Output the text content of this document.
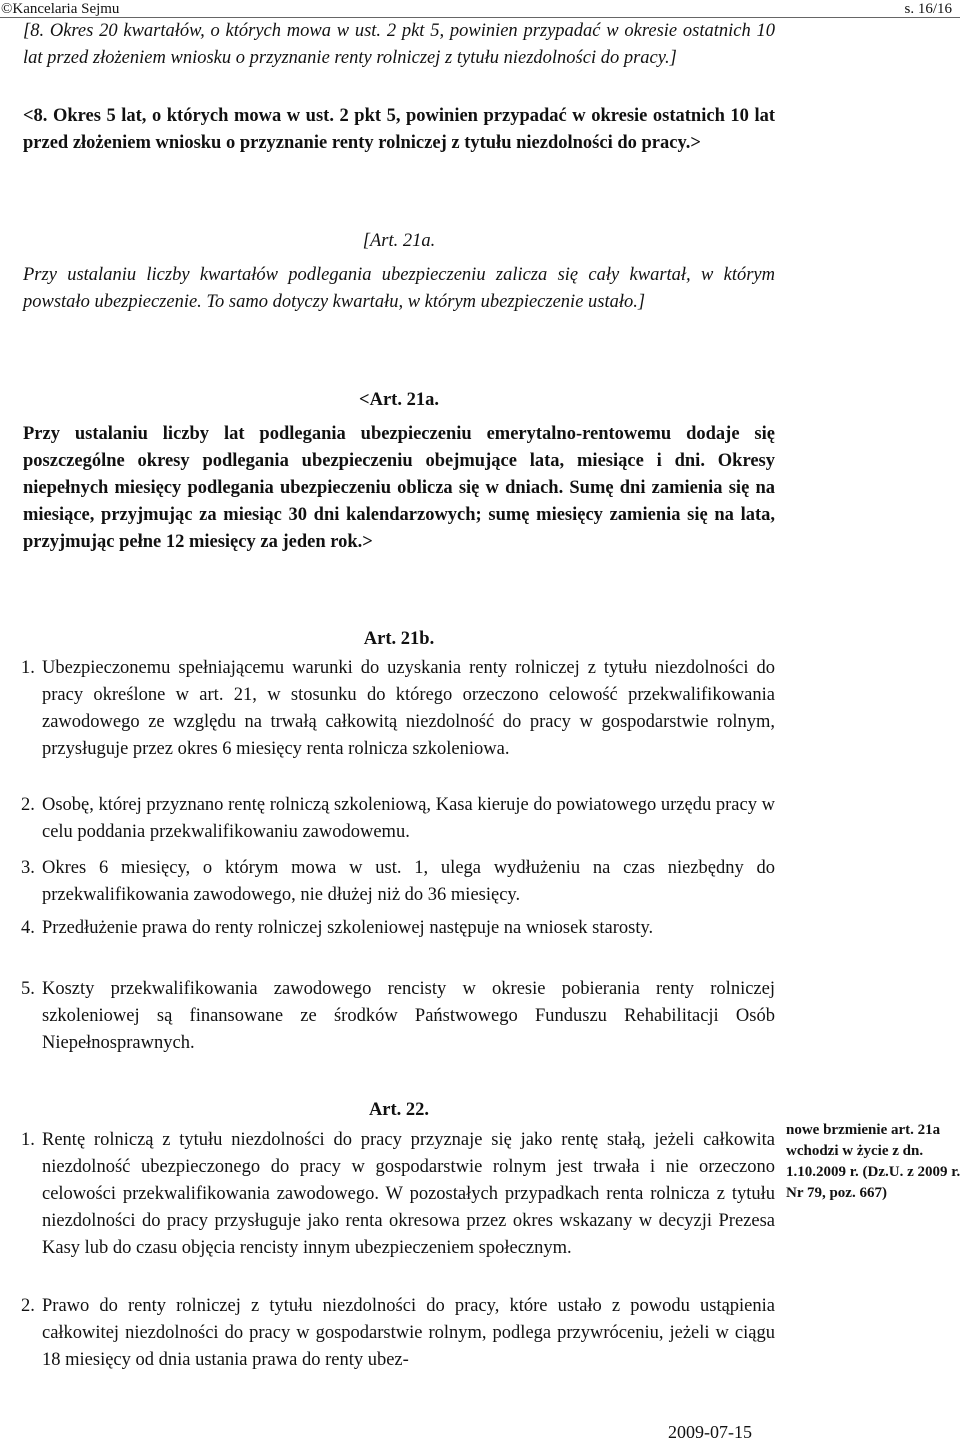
©Kancelaria Sejmu	s. 16/16
[8. Okres 20 kwartałów, o których mowa w ust. 2 pkt 5, powinien przypadać w okresie ostatnich 10 lat przed złożeniem wniosku o przyznanie renty rolniczej z tytułu niezdolności do pracy.]
<8. Okres 5 lat, o których mowa w ust. 2 pkt 5, powinien przypadać w okresie ostatnich 10 lat przed złożeniem wniosku o przyznanie renty rolniczej z tytułu niezdolności do pracy.>
[Art. 21a.
Przy ustalaniu liczby kwartałów podlegania ubezpieczeniu zalicza się cały kwartał, w którym powstało ubezpieczenie. To samo dotyczy kwartału, w którym ubezpieczenie ustało.]
<Art. 21a.
Przy ustalaniu liczby lat podlegania ubezpieczeniu emerytalno-rentowemu dodaje się poszczególne okresy podlegania ubezpieczeniu obejmujące lata, miesiące i dni. Okresy niepełnych miesięcy podlegania ubezpieczeniu oblicza się w dniach. Sumę dni zamienia się na miesiące, przyjmując za miesiąc 30 dni kalendarzowych; sumę miesięcy zamienia się na lata, przyjmując pełne 12 miesięcy za jeden rok.>
Art. 21b.
1. Ubezpieczonemu spełniającemu warunki do uzyskania renty rolniczej z tytułu niezdolności do pracy określone w art. 21, w stosunku do którego orzeczono celowość przekwalifikowania zawodowego ze względu na trwałą całkowitą niezdolność do pracy w gospodarstwie rolnym, przysługuje przez okres 6 miesięcy renta rolnicza szkoleniowa.
2. Osobę, której przyznano rentę rolniczą szkoleniową, Kasa kieruje do powiatowego urzędu pracy w celu poddania przekwalifikowaniu zawodowemu.
3. Okres 6 miesięcy, o którym mowa w ust. 1, ulega wydłużeniu na czas niezbędny do przekwalifikowania zawodowego, nie dłużej niż do 36 miesięcy.
4. Przedłużenie prawa do renty rolniczej szkoleniowej następuje na wniosek starosty.
5. Koszty przekwalifikowania zawodowego rencisty w okresie pobierania renty rolniczej szkoleniowej są finansowane ze środków Państwowego Funduszu Rehabilitacji Osób Niepełnosprawnych.
Art. 22.
1. Rentę rolniczą z tytułu niezdolności do pracy przyznaje się jako rentę stałą, jeżeli całkowita niezdolność ubezpieczonego do pracy w gospodarstwie rolnym jest trwała i nie orzeczono celowości przekwalifikowania zawodowego. W pozostałych przypadkach renta rolnicza z tytułu niezdolności do pracy przysługuje jako renta okresowa przez okres wskazany w decyzji Prezesa Kasy lub do czasu objęcia rencisty innym ubezpieczeniem społecznym.
2. Prawo do renty rolniczej z tytułu niezdolności do pracy, które ustało z powodu ustąpienia całkowitej niezdolności do pracy w gospodarstwie rolnym, podlega przywróceniu, jeżeli w ciągu 18 miesięcy od dnia ustania prawa do renty ubez-
nowe brzmienie art. 21a wchodzi w życie z dn. 1.10.2009 r. (Dz.U. z 2009 r. Nr 79, poz. 667)
2009-07-15
